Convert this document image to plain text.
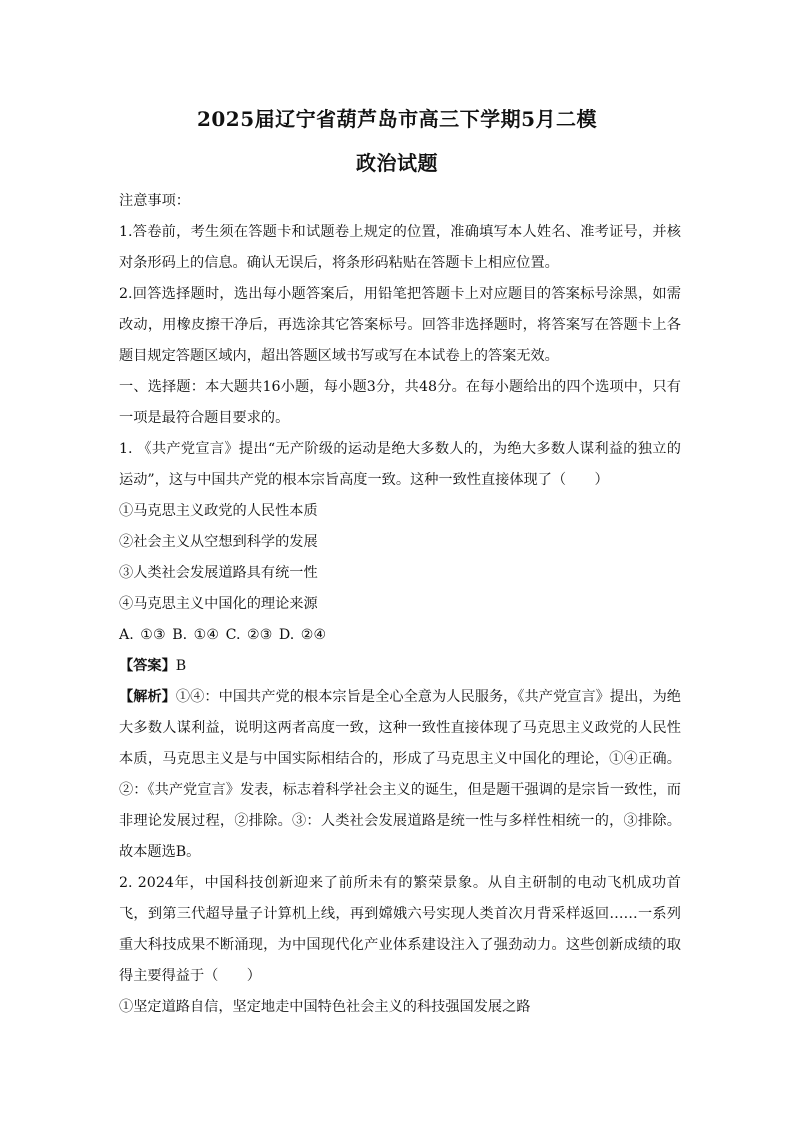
2025届辽宁省葫芦岛市高三下学期5月二模
政治试题

注意事项：

1.答卷前，考生须在答题卡和试题卷上规定的位置，准确填写本人姓名、准考证号，并核对条形码上的信息。确认无误后，将条形码粘贴在答题卡上相应位置。

2.回答选择题时，选出每小题答案后，用铅笔把答题卡上对应题目的答案标号涂黑，如需改动，用橡皮擦干净后，再选涂其它答案标号。回答非选择题时，将答案写在答题卡上各题目规定答题区域内，超出答题区域书写或写在本试卷上的答案无效。

一、选择题：本大题共16小题，每小题3分，共48分。在每小题给出的四个选项中，只有一项是最符合题目要求的。

1. 《共产党宣言》提出“无产阶级的运动是绝大多数人的，为绝大多数人谋利益的独立的运动”，这与中国共产党的根本宗旨高度一致。这种一致性直接体现了（　　）

①马克思主义政党的人民性本质

②社会主义从空想到科学的发展

③人类社会发展道路具有统一性

④马克思主义中国化的理论来源

A. ①③ B. ①④ C. ②③ D. ②④

【答案】B

【解析】①④：中国共产党的根本宗旨是全心全意为人民服务，《共产党宣言》提出，为绝大多数人谋利益，说明这两者高度一致，这种一致性直接体现了马克思主义政党的人民性本质，马克思主义是与中国实际相结合的，形成了马克思主义中国化的理论，①④正确。②：《共产党宣言》发表，标志着科学社会主义的诞生，但是题干强调的是宗旨一致性，而非理论发展过程，②排除。③：人类社会发展道路是统一性与多样性相统一的，③排除。故本题选B。

2. 2024年，中国科技创新迎来了前所未有的繁荣景象。从自主研制的电动飞机成功首飞，到第三代超导量子计算机上线，再到嫦娥六号实现人类首次月背采样返回……一系列重大科技成果不断涌现，为中国现代化产业体系建设注入了强劲动力。这些创新成绩的取得主要得益于（　　）

①坚定道路自信，坚定地走中国特色社会主义的科技强国发展之路
